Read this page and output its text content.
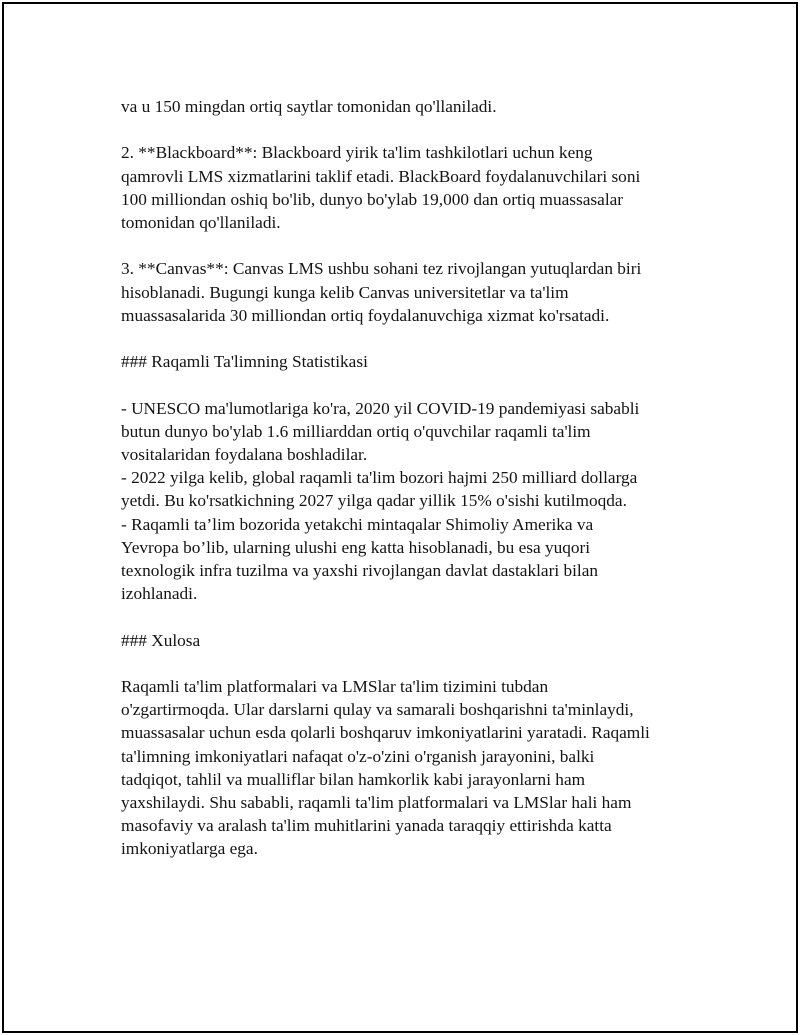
va u 150 mingdan ortiq saytlar tomonidan qo'llaniladi.

2. **Blackboard**: Blackboard yirik ta'lim tashkilotlari uchun keng
qamrovli LMS xizmatlarini taklif etadi. BlackBoard foydalanuvchilari soni
100 milliondan oshiq bo'lib, dunyo bo'ylab 19,000 dan ortiq muassasalar
tomonidan qo'llaniladi.

3. **Canvas**: Canvas LMS ushbu sohani tez rivojlangan yutuqlardan biri
hisoblanadi. Bugungi kunga kelib Canvas universitetlar va ta'lim
muassasalarida 30 milliondan ortiq foydalanuvchiga xizmat ko'rsatadi.

### Raqamli Ta'limning Statistikasi

- UNESCO ma'lumotlariga ko'ra, 2020 yil COVID-19 pandemiyasi sababli
butun dunyo bo'ylab 1.6 milliarddan ortiq o'quvchilar raqamli ta'lim
vositalaridan foydalana boshladilar.
- 2022 yilga kelib, global raqamli ta'lim bozori hajmi 250 milliard dollarga
yetdi. Bu ko'rsatkichning 2027 yilga qadar yillik 15% o'sishi kutilmoqda.
- Raqamli ta’lim bozorida yetakchi mintaqalar Shimoliy Amerika va
Yevropa bo’lib, ularning ulushi eng katta hisoblanadi, bu esa yuqori
texnologik infra tuzilma va yaxshi rivojlangan davlat dastaklari bilan
izohlanadi.

### Xulosa

Raqamli ta'lim platformalari va LMSlar ta'lim tizimini tubdan
o'zgartirmoqda. Ular darslarni qulay va samarali boshqarishni ta'minlaydi,
muassasalar uchun esda qolarli boshqaruv imkoniyatlarini yaratadi. Raqamli
ta'limning imkoniyatlari nafaqat o'z-o'zini o'rganish jarayonini, balki
tadqiqot, tahlil va mualliflar bilan hamkorlik kabi jarayonlarni ham
yaxshilaydi. Shu sababli, raqamli ta'lim platformalari va LMSlar hali ham
masofaviy va aralash ta'lim muhitlarini yanada taraqqiy ettirishda katta
imkoniyatlarga ega.
